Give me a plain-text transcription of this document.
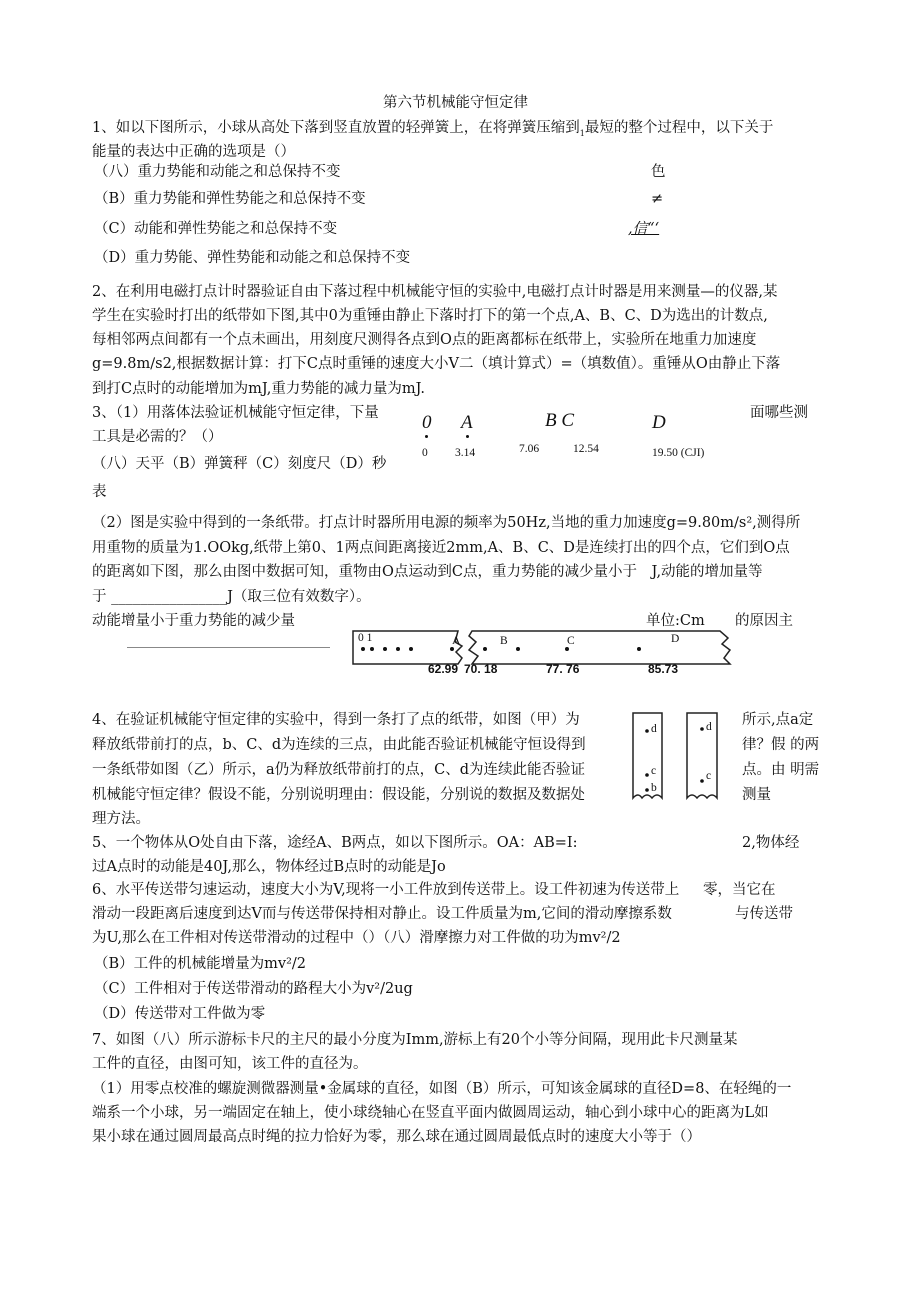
第六节机械能守恒定律
1、如以下图所示，小球从高处下落到竖直放置的轻弹簧上，在将弹簧压缩到$_1$最短的整个过程中，以下关于
能量的表达中正确的选项是（）
（八）重力势能和动能之和总保持不变
（B）重力势能和弹性势能之和总保持不变
（C）动能和弹性势能之和总保持不变
（D）重力势能、弹性势能和动能之和总保持不变
色
≠
,信“‘
2、在利用电磁打点计时器验证自由下落过程中机械能守恒的实验中,电磁打点计时器是用来测量—的仪器,某
学生在实验时打出的纸带如下图,其中0为重锤由静止下落时打下的第一个点,A、B、C、D为选出的计数点,
每相邻两点间都有一个点未画出，用刻度尺测得各点到O点的距离都标在纸带上，实验所在地重力加速度
g=9.8m∕s2,根据数据计算：打下C点时重锤的速度大小V二（填计算式）=（填数值）。重锤从O由静止下落
到打C点时的动能增加为mJ,重力势能的减力量为mJ.
3、（1）用落体法验证机械能守恒定律，下量
工具是必需的？（）
（八）天平（B）弹簧秤（C）刻度尺（D）秒
表
面哪些测
0 A	B C	D
0 3.14	7.06	12.54	19.50 (CJI)
（2）图是实验中得到的一条纸带。打点计时器所用电源的频率为50Hz,当地的重力加速度g=9.80m∕s²,测得所
用重物的质量为1.OOkg,纸带上第0、1两点间距离接近2mm,A、B、C、D是连续打出的四个点，它们到O点
的距离如下图，那么由图中数据可知，重物由O点运动到C点，重力势能的减少量小于　J,动能的增加量等
于 ________________J（取三位有效数字）。
动能增量小于重力势能的减少量	单位:Cm 的原因主
0 1	A	B	C	D
62.99 70. 18	77. 76	85.73
4、在验证机械能守恒定律的实验中，得到一条打了点的纸带，如图（甲）为
释放纸带前打的点，b、C、d为连续的三点，由此能否验证机械能守恒设得到
一条纸带如图（乙）所示，a仍为释放纸带前打的点，C、d为连续此能否验证
机械能守恒定律？假设不能，分别说明理由：假设能，分别说的数据及数据处
理方法。
所示,点a定
律？假 的两
点。由 明需
测量
d
c
b
d
c
5、一个物体从O处自由下落，途经A、B两点，如以下图所示。OA：AB=I:
过A点时的动能是40J,那么，物体经过B点时的动能是Jo
2,物体经
6、水平传送带匀速运动，速度大小为V,现将一小工件放到传送带上。设工件初速为传送带上
滑动一段距离后速度到达V而与传送带保持相对静止。设工件质量为m,它间的滑动摩擦系数
为U,那么在工件相对传送带滑动的过程中（）（八）滑摩擦力对工件做的功为mv²/2
零，当它在
与传送带
（B）工件的机械能增量为mv²/2
（C）工件相对于传送带滑动的路程大小为v²/2ug
（D）传送带对工件做为零
7、如图（八）所示游标卡尺的主尺的最小分度为Imm,游标上有20个小等分间隔，现用此卡尺测量某
工件的直径，由图可知，该工件的直径为。
（1）用零点校准的螺旋测微器测量•金属球的直径，如图（B）所示，可知该金属球的直径D=8、在轻绳的一
端系一个小球，另一端固定在轴上，使小球绕轴心在竖直平面内做圆周运动，轴心到小球中心的距离为L如
果小球在通过圆周最高点时绳的拉力恰好为零，那么球在通过圆周最低点时的速度大小等于（）
